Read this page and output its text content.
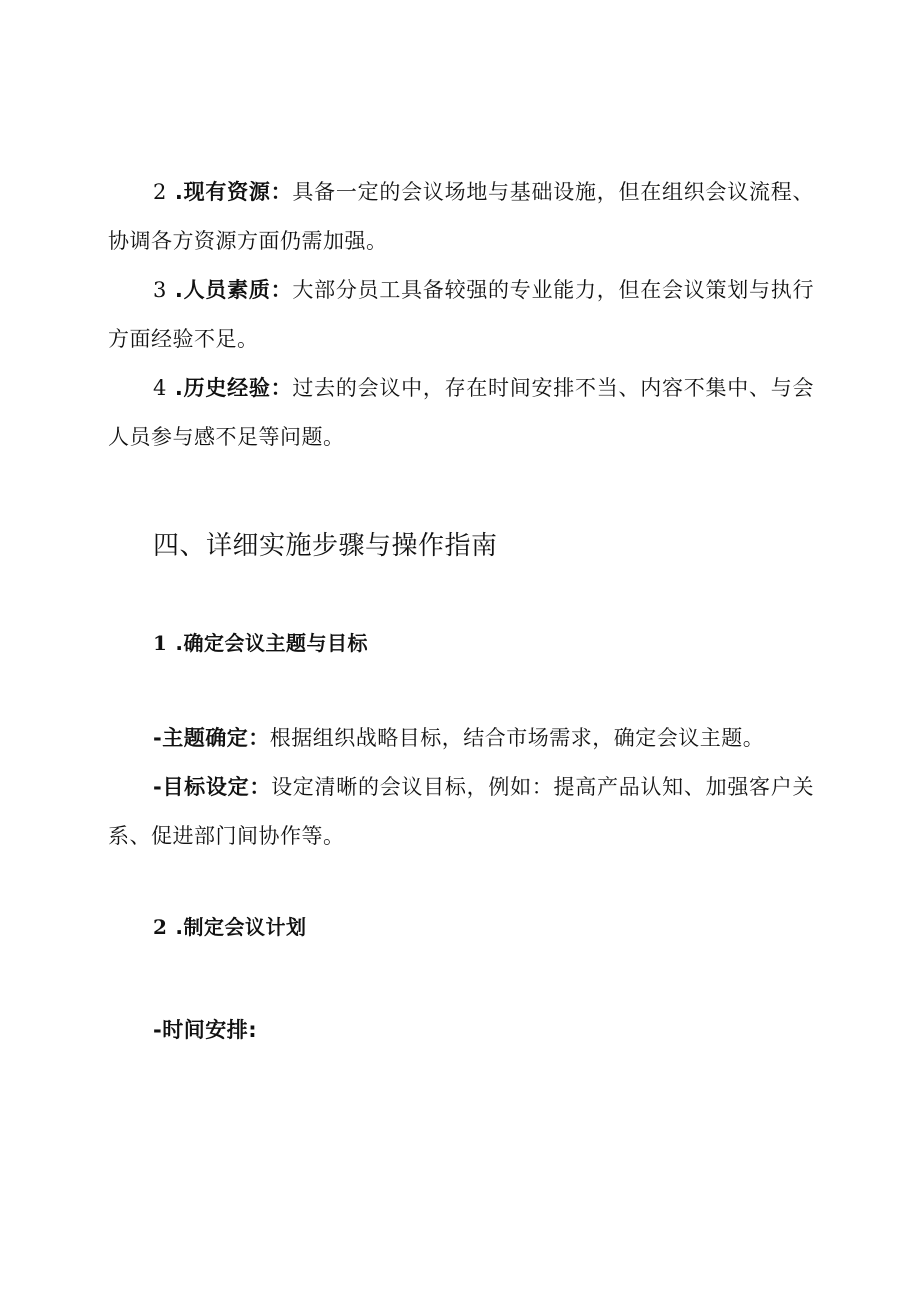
2 .现有资源：具备一定的会议场地与基础设施，但在组织会议流程、协调各方资源方面仍需加强。

3 .人员素质：大部分员工具备较强的专业能力，但在会议策划与执行方面经验不足。

4 .历史经验：过去的会议中，存在时间安排不当、内容不集中、与会人员参与感不足等问题。

四、详细实施步骤与操作指南
1 .确定会议主题与目标

-主题确定：根据组织战略目标，结合市场需求，确定会议主题。

-目标设定：设定清晰的会议目标，例如：提高产品认知、加强客户关系、促进部门间协作等。

2 .制定会议计划

-时间安排:
